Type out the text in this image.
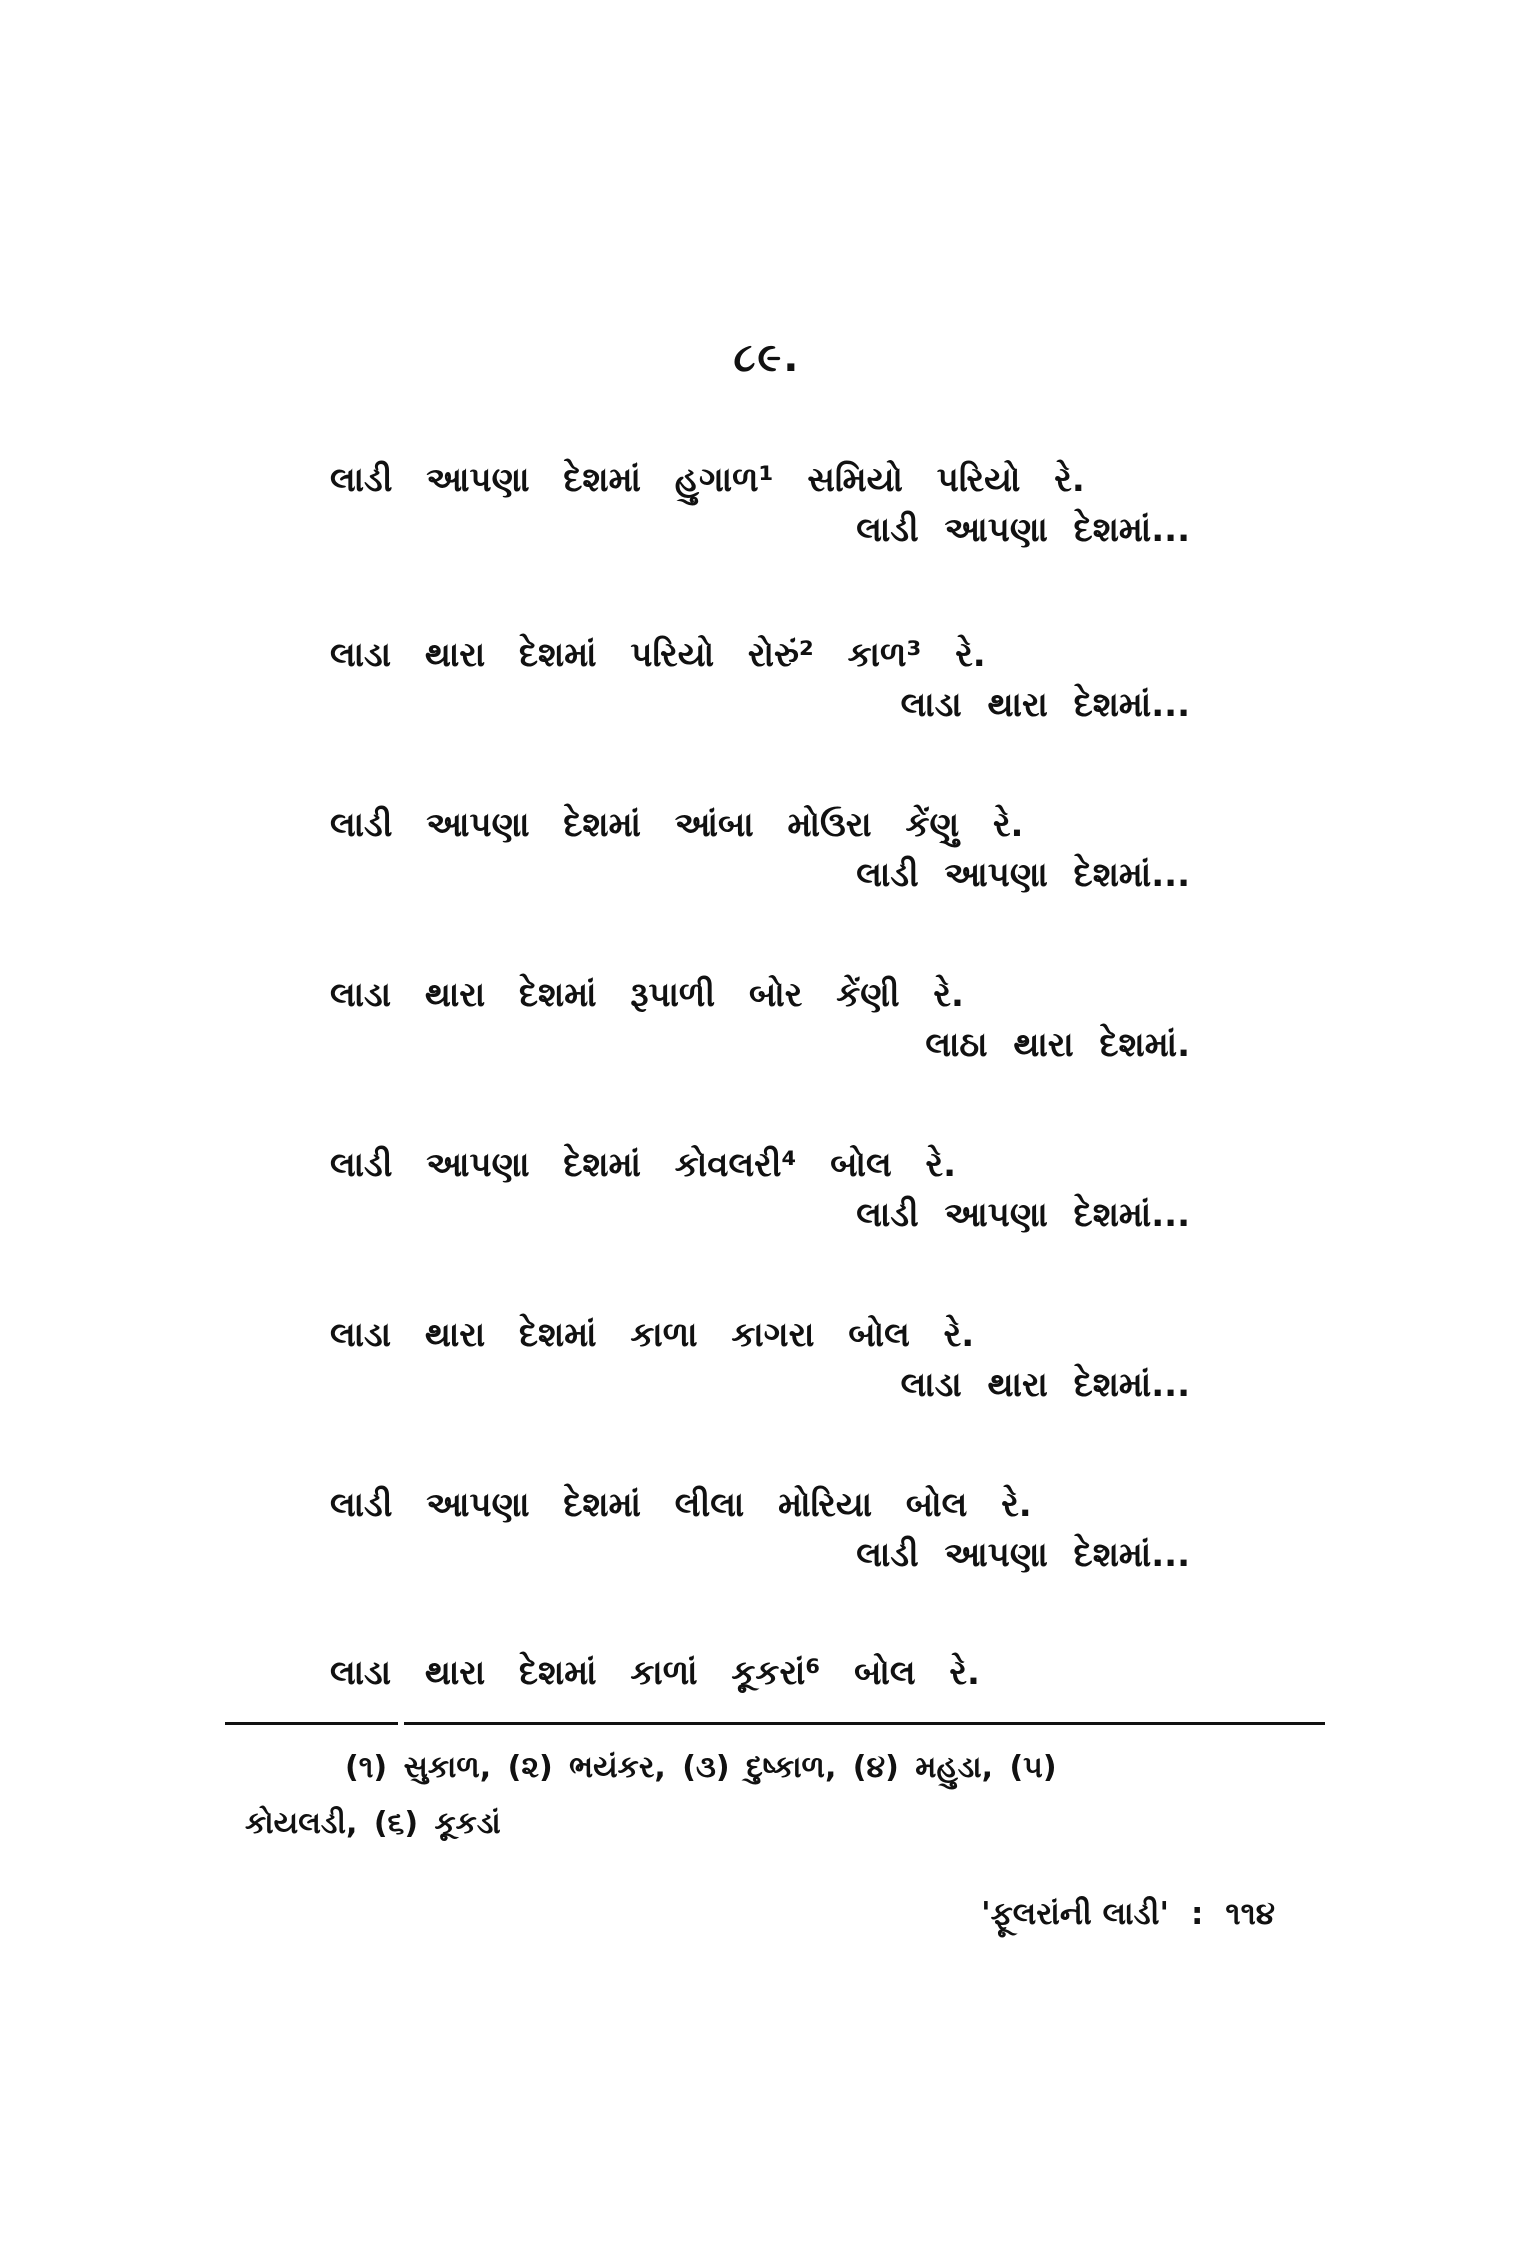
૮૯.
લાડી આપણા દેશમાં હુગાળ¹ સમિયો પરિયો રે.
લાડી આપણા દેશમાં...
લાડા થારા દેશમાં પરિયો રોરું² કાળ³ રે.
લાડા થારા દેશમાં...
લાડી આપણા દેશમાં આંબા મોઉરા કેંણુ રે.
લાડી આપણા દેશમાં...
લાડા થારા દેશમાં રૂપાળી બોર કેંણી રે.
લાઠા થારા દેશમાં.
લાડી આપણા દેશમાં કોવલરી⁴ બોલ રે.
લાડી આપણા દેશમાં...
લાડા થારા દેશમાં કાળા કાગરા બોલ રે.
લાડા થારા દેશમાં...
લાડી આપણા દેશમાં લીલા મોરિયા બોલ રે.
લાડી આપણા દેશમાં...
લાડા થારા દેશમાં કાળાં કૂકરાં⁶ બોલ રે.
(૧) સુકાળ, (૨) ભયંકર, (૩) દુષ્કાળ, (૪) મહુડા, (૫)
કોયલડી, (૬) કૂકડાં
'ફૂલરાંની લાડી' : ૧૧૪
